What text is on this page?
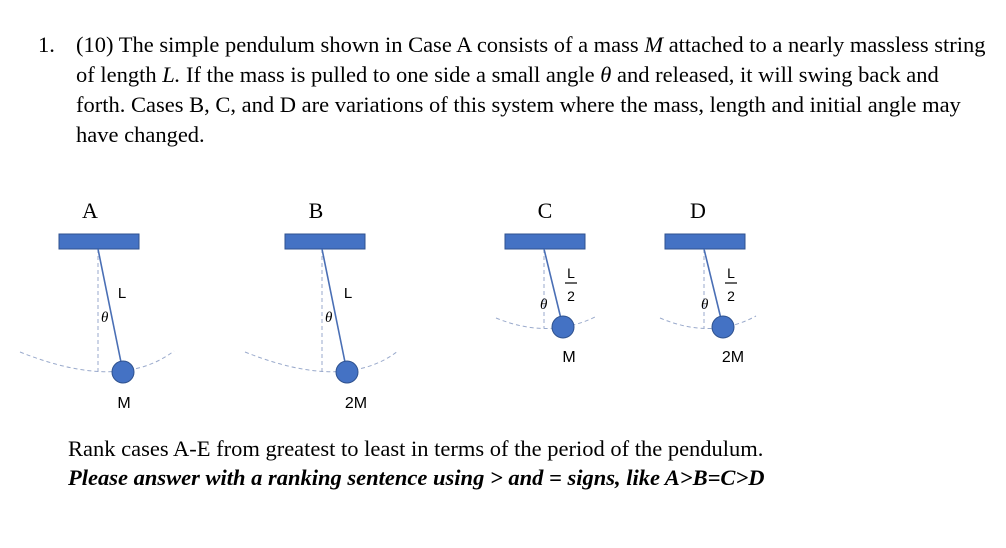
1. (10) The simple pendulum shown in Case A consists of a mass M attached to a nearly massless string of length L. If the mass is pulled to one side a small angle θ and released, it will swing back and forth. Cases B, C, and D are variations of this system where the mass, length and initial angle may have changed.
A
L
θ
M
B
L
θ
2M
C
L
2
θ
M
D
L
2
θ
2M
Rank cases A-E from greatest to least in terms of the period of the pendulum.
Please answer with a ranking sentence using > and = signs, like A>B=C>D
